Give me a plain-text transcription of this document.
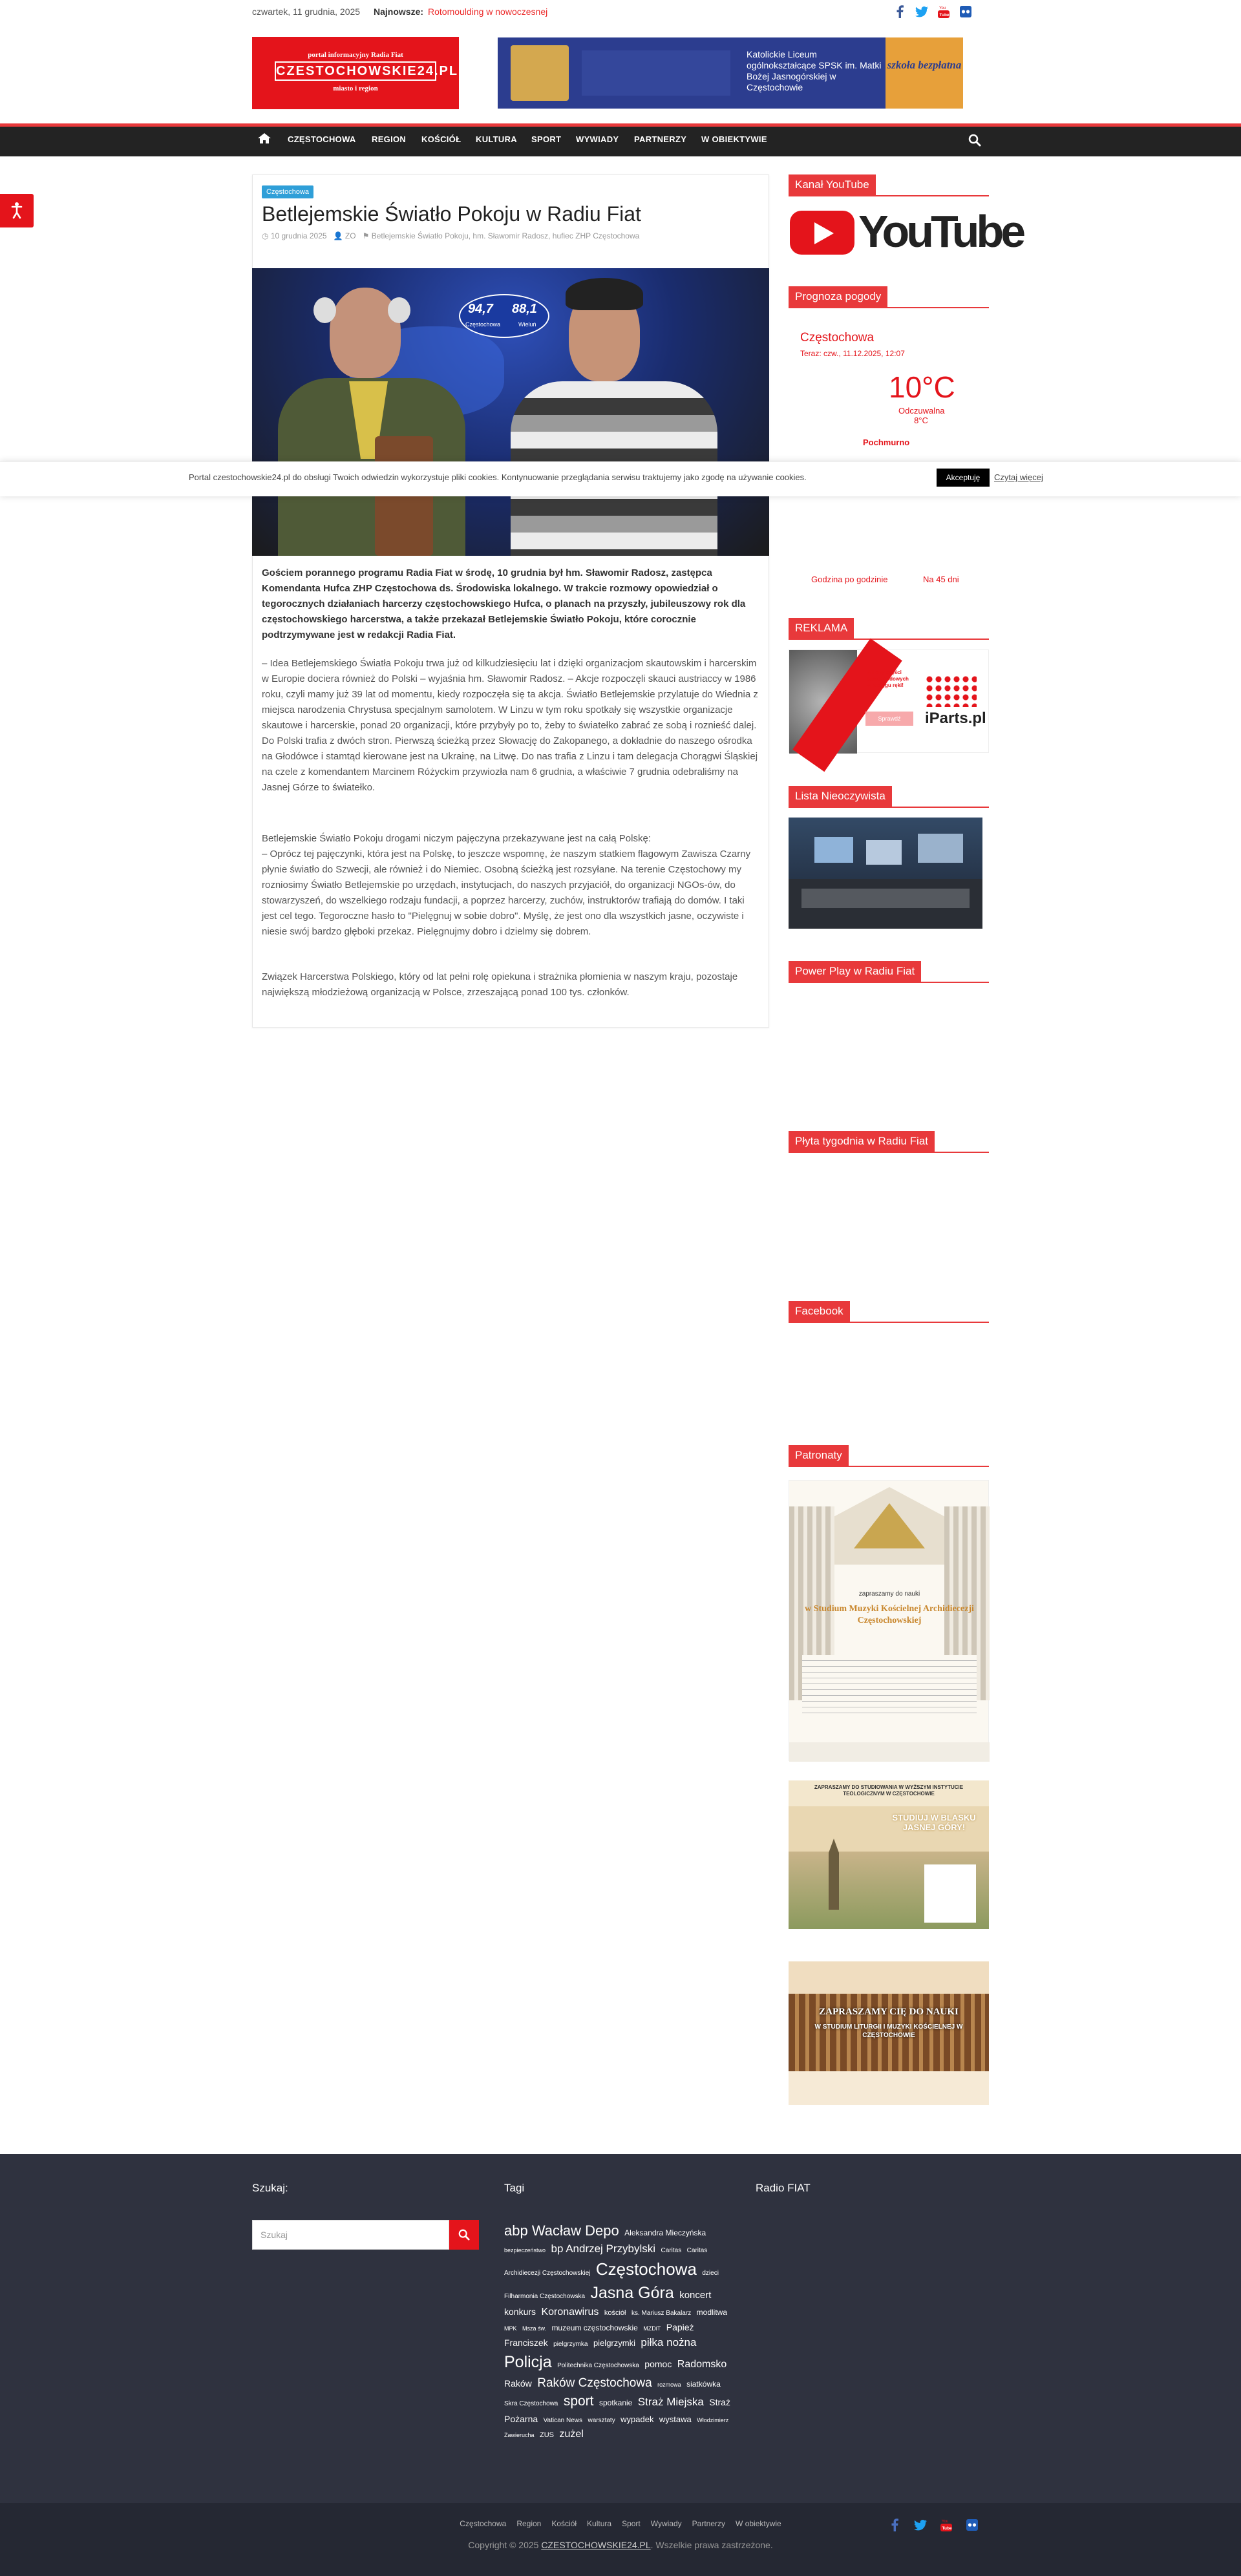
czwartek, 11 grudnia, 2025 Najnowsze: Rotomoulding w nowoczesnej	You
Tube
portal informacyjny Radia Fiat
CZESTOCHOWSKIE24.PL
miasto i region
Katolickie Liceum ogólnokształcące SPSK im. Matki Bożej Jasnogórskiej w Częstochowie
szkoła bezpłatna
CZĘSTOCHOWA REGION KOŚCIÓŁ KULTURA SPORT WYWIADY PARTNERZY W OBIEKTYWIE
Częstochowa
Betlejemskie Światło Pokoju w Radiu Fiat
◷ 10 grudnia 2025 👤 ZO ⚑ Betlejemskie Światło Pokoju, hm. Sławomir Radosz, hufiec ZHP Częstochowa
94,7 88,1
Częstochowa	Wieluń

Gościem porannego programu Radia Fiat w środę, 10 grudnia był hm. Sławomir Radosz, zastępca Komendanta Hufca ZHP Częstochowa ds. Środowiska lokalnego. W trakcie rozmowy opowiedział o tegorocznych działaniach harcerzy częstochowskiego Hufca, o planach na przyszły, jubileuszowy rok dla częstochowskiego harcerstwa, a także przekazał Betlejemskie Światło Pokoju, które corocznie podtrzymywane jest w redakcji Radia Fiat.

– Idea Betlejemskiego Światła Pokoju trwa już od kilkudziesięciu lat i dzięki organizacjom skautowskim i harcerskim w Europie dociera również do Polski – wyjaśnia hm. Sławomir Radosz. – Akcje rozpoczęli skauci austriaccy w 1986 roku, czyli mamy już 39 lat od momentu, kiedy rozpoczęła się ta akcja. Światło Betlejemskie przylatuje do Wiednia z miejsca narodzenia Chrystusa specjalnym samolotem. W Linzu w tym roku spotkały się wszystkie organizacje skautowe i harcerskie, ponad 20 organizacji, które przybyły po to, żeby to światełko zabrać ze sobą i roznieść dalej. Do Polski trafia z dwóch stron. Pierwszą ścieżką przez Słowację do Zakopanego, a dokładnie do naszego ośrodka na Głodówce i stamtąd kierowane jest na Ukrainę, na Litwę. Do nas trafia z Linzu i tam delegacja Chorągwi Śląskiej na czele z komendantem Marcinem Różyckim przywiozła nam 6 grudnia, a właściwie 7 grudnia odebraliśmy na Jasnej Górze to światełko.

Betlejemskie Światło Pokoju drogami niczym pajęczyna przekazywane jest na całą Polskę:

– Oprócz tej pajęczynki, która jest na Polskę, to jeszcze wspomnę, że naszym statkiem flagowym Zawisza Czarny płynie światło do Szwecji, ale również i do Niemiec. Osobną ścieżką jest rozsyłane. Na terenie Częstochowy my rozniosimy Światło Betlejemskie po urzędach, instytucjach, do naszych przyjaciół, do organizacji NGOs-ów, do stowarzyszeń, do wszelkiego rodzaju fundacji, a poprzez harcerzy, zuchów, instruktorów trafiają do domów. I taki jest cel tego. Tegoroczne hasło to "Pielęgnuj w sobie dobro". Myślę, że jest ono dla wszystkich jasne, oczywiste i niesie swój bardzo głęboki przekaz. Pielęgnujmy dobro i dzielmy się dobrem.

Związek Harcerstwa Polskiego, który od lat pełni rolę opiekuna i strażnika płomienia w naszym kraju, pozostaje największą młodzieżową organizacją w Polsce, zrzeszającą ponad 100 tys. członków.

Kanał YouTube
YouTube
Prognoza pogody
Częstochowa
Teraz: czw., 11.12.2025, 12:07
10°C
Odczuwalna 8°C
Pochmurno
Godzina po godzinie	Na 45 dni
REKLAMA
Miliony części samochodowych w zasięgu ręki!
Sprawdź	iParts.pl
Lista Nieoczywista
Power Play w Radiu Fiat
Płyta tygodnia w Radiu Fiat
Facebook
Patronaty
zapraszamy do nauki
w Studium Muzyki Kościelnej Archidiecezji Częstochowskiej
ZAPRASZAMY DO STUDIOWANIA W WYŻSZYM INSTYTUCIE TEOLOGICZNYM W CZĘSTOCHOWIE
STUDIUJ W BLASKU JASNEJ GÓRY!
ZAPRASZAMY CIĘ DO NAUKI
W STUDIUM LITURGII I MUZYKI KOŚCIELNEJ W CZĘSTOCHOWIE
Portal czestochowskie24.pl do obsługi Twoich odwiedzin wykorzystuje pliki cookies. Kontynuowanie przeglądania serwisu traktujemy jako zgodę na używanie cookies.	Akceptuję	Czytaj więcej
Szukaj:	Tagi	Radio FIAT
Szukaj	abp Wacław Depo Aleksandra Mieczyńska bezpieczeństwo bp Andrzej Przybylski Caritas Caritas Archidiecezji Częstochowskiej Częstochowa dzieci Filharmonia Częstochowska Jasna Góra koncert konkurs Koronawirus kościół ks. Mariusz Bakalarz modlitwa MPK Msza św. muzeum częstochowskie MZDiT Papież Franciszek pielgrzymka pielgrzymki piłka nożna Policja Politechnika Częstochowska pomoc Radomsko Raków Raków Częstochowa rozmowa siatkówka Skra Częstochowa sport spotkanie Straż Miejska Straż Pożarna Vatican News warsztaty wypadek wystawa Włodzimierz Zawierucha ZUS zużel
Częstochowa Region Kościół Kultura Sport Wywiady Partnerzy W obiektywie
Copyright © 2025 CZESTOCHOWSKIE24.PL. Wszelkie prawa zastrzeżone.
You
Tube
